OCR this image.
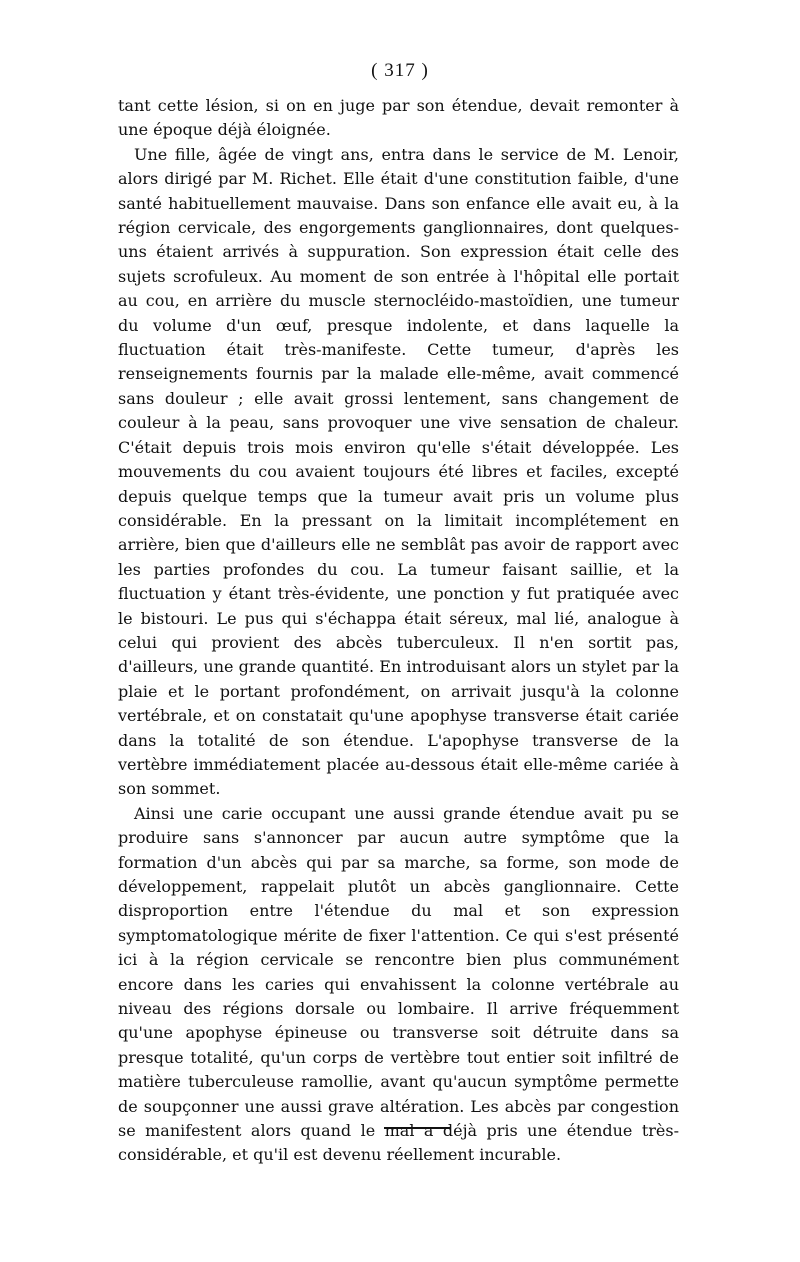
( 317 )

tant cette lésion, si on en juge par son étendue, devait remonter à une époque déjà éloignée.

Une fille, âgée de vingt ans, entra dans le service de M. Lenoir, alors dirigé par M. Richet. Elle était d'une constitution faible, d'une santé habituellement mauvaise. Dans son enfance elle avait eu, à la région cervicale, des engorgements ganglionnaires, dont quelques-uns étaient arrivés à suppuration. Son expression était celle des sujets scrofuleux. Au moment de son entrée à l'hôpital elle portait au cou, en arrière du muscle sternocléido-mastoïdien, une tumeur du volume d'un œuf, presque indolente, et dans laquelle la fluctuation était très-manifeste. Cette tumeur, d'après les renseignements fournis par la malade elle-même, avait commencé sans douleur ; elle avait grossi lentement, sans changement de couleur à la peau, sans provoquer une vive sensation de chaleur. C'était depuis trois mois environ qu'elle s'était développée. Les mouvements du cou avaient toujours été libres et faciles, excepté depuis quelque temps que la tumeur avait pris un volume plus considérable. En la pressant on la limitait incomplétement en arrière, bien que d'ailleurs elle ne semblât pas avoir de rapport avec les parties profondes du cou. La tumeur faisant saillie, et la fluctuation y étant très-évidente, une ponction y fut pratiquée avec le bistouri. Le pus qui s'échappa était séreux, mal lié, analogue à celui qui provient des abcès tuberculeux. Il n'en sortit pas, d'ailleurs, une grande quantité. En introduisant alors un stylet par la plaie et le portant profondément, on arrivait jusqu'à la colonne vertébrale, et on constatait qu'une apophyse transverse était cariée dans la totalité de son étendue. L'apophyse transverse de la vertèbre immédiatement placée au-dessous était elle-même cariée à son sommet.

Ainsi une carie occupant une aussi grande étendue avait pu se produire sans s'annoncer par aucun autre symptôme que la formation d'un abcès qui par sa marche, sa forme, son mode de développement, rappelait plutôt un abcès ganglionnaire. Cette disproportion entre l'étendue du mal et son expression symptomatologique mérite de fixer l'attention. Ce qui s'est présenté ici à la région cervicale se rencontre bien plus communément encore dans les caries qui envahissent la colonne vertébrale au niveau des régions dorsale ou lombaire. Il arrive fréquemment qu'une apophyse épineuse ou transverse soit détruite dans sa presque totalité, qu'un corps de vertèbre tout entier soit infiltré de matière tuberculeuse ramollie, avant qu'aucun symptôme permette de soupçonner une aussi grave altération. Les abcès par congestion se manifestent alors quand le mal a déjà pris une étendue très-considérable, et qu'il est devenu réellement incurable.
